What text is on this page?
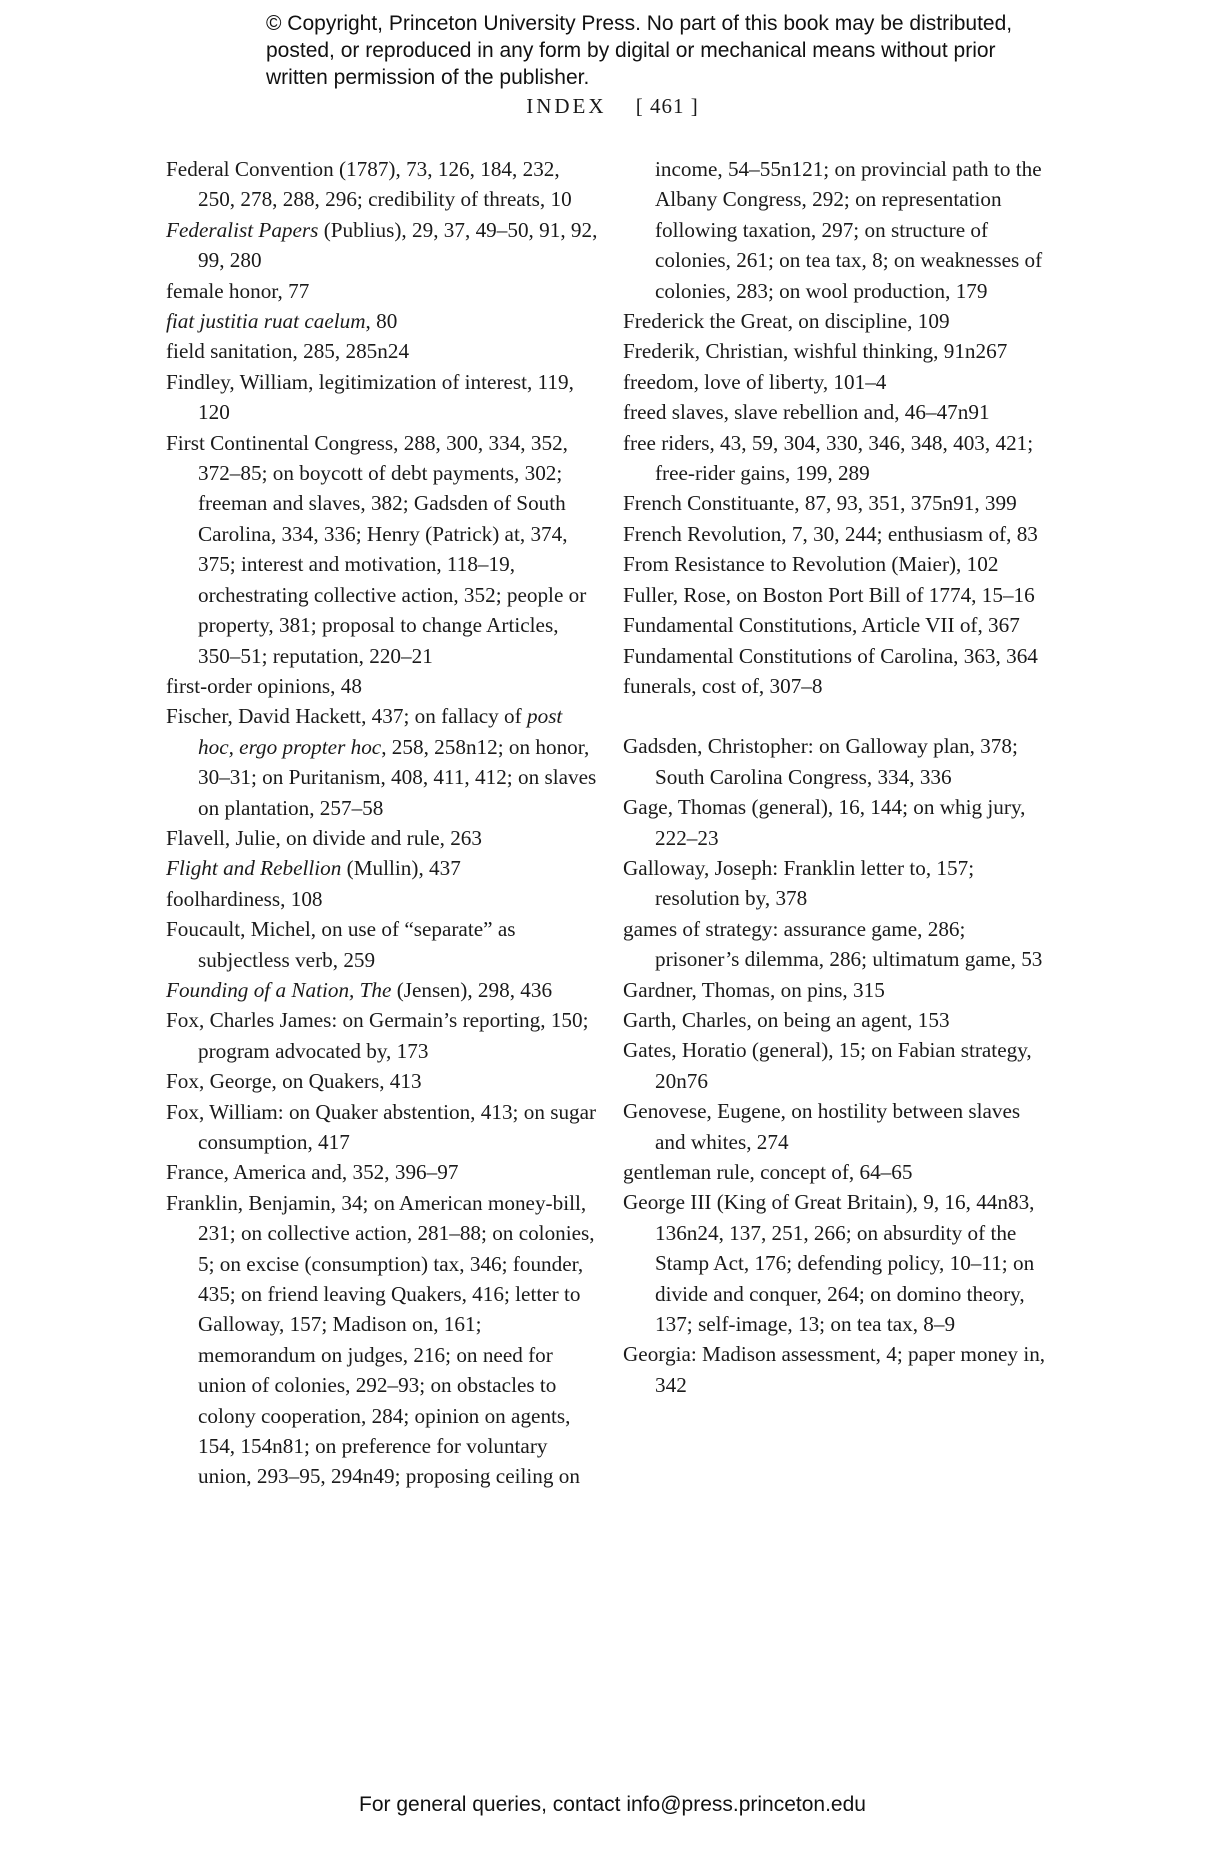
© Copyright, Princeton University Press. No part of this book may be distributed, posted, or reproduced in any form by digital or mechanical means without prior written permission of the publisher.
INDEX [ 461 ]
Federal Convention (1787), 73, 126, 184, 232, 250, 278, 288, 296; credibility of threats, 10
Federalist Papers (Publius), 29, 37, 49–50, 91, 92, 99, 280
female honor, 77
fiat justitia ruat caelum, 80
field sanitation, 285, 285n24
Findley, William, legitimization of interest, 119, 120
First Continental Congress, 288, 300, 334, 352, 372–85; on boycott of debt payments, 302; freeman and slaves, 382; Gadsden of South Carolina, 334, 336; Henry (Patrick) at, 374, 375; interest and motivation, 118–19, orchestrating collective action, 352; people or property, 381; proposal to change Articles, 350–51; reputation, 220–21
first-order opinions, 48
Fischer, David Hackett, 437; on fallacy of post hoc, ergo propter hoc, 258, 258n12; on honor, 30–31; on Puritanism, 408, 411, 412; on slaves on plantation, 257–58
Flavell, Julie, on divide and rule, 263
Flight and Rebellion (Mullin), 437
foolhardiness, 108
Foucault, Michel, on use of “separate” as subjectless verb, 259
Founding of a Nation, The (Jensen), 298, 436
Fox, Charles James: on Germain’s reporting, 150; program advocated by, 173
Fox, George, on Quakers, 413
Fox, William: on Quaker abstention, 413; on sugar consumption, 417
France, America and, 352, 396–97
Franklin, Benjamin, 34; on American money-bill, 231; on collective action, 281–88; on colonies, 5; on excise (consumption) tax, 346; founder, 435; on friend leaving Quakers, 416; letter to Galloway, 157; Madison on, 161; memorandum on judges, 216; on need for union of colonies, 292–93; on obstacles to colony cooperation, 284; opinion on agents, 154, 154n81; on preference for voluntary union, 293–95, 294n49; proposing ceiling on
income, 54–55n121; on provincial path to the Albany Congress, 292; on representation following taxation, 297; on structure of colonies, 261; on tea tax, 8; on weaknesses of colonies, 283; on wool production, 179
Frederick the Great, on discipline, 109
Frederik, Christian, wishful thinking, 91n267
freedom, love of liberty, 101–4
freed slaves, slave rebellion and, 46–47n91
free riders, 43, 59, 304, 330, 346, 348, 403, 421; free-rider gains, 199, 289
French Constituante, 87, 93, 351, 375n91, 399
French Revolution, 7, 30, 244; enthusiasm of, 83
From Resistance to Revolution (Maier), 102
Fuller, Rose, on Boston Port Bill of 1774, 15–16
Fundamental Constitutions, Article VII of, 367
Fundamental Constitutions of Carolina, 363, 364
funerals, cost of, 307–8
Gadsden, Christopher: on Galloway plan, 378; South Carolina Congress, 334, 336
Gage, Thomas (general), 16, 144; on whig jury, 222–23
Galloway, Joseph: Franklin letter to, 157; resolution by, 378
games of strategy: assurance game, 286; prisoner’s dilemma, 286; ultimatum game, 53
Gardner, Thomas, on pins, 315
Garth, Charles, on being an agent, 153
Gates, Horatio (general), 15; on Fabian strategy, 20n76
Genovese, Eugene, on hostility between slaves and whites, 274
gentleman rule, concept of, 64–65
George III (King of Great Britain), 9, 16, 44n83, 136n24, 137, 251, 266; on absurdity of the Stamp Act, 176; defending policy, 10–11; on divide and conquer, 264; on domino theory, 137; self-image, 13; on tea tax, 8–9
Georgia: Madison assessment, 4; paper money in, 342
For general queries, contact info@press.princeton.edu
